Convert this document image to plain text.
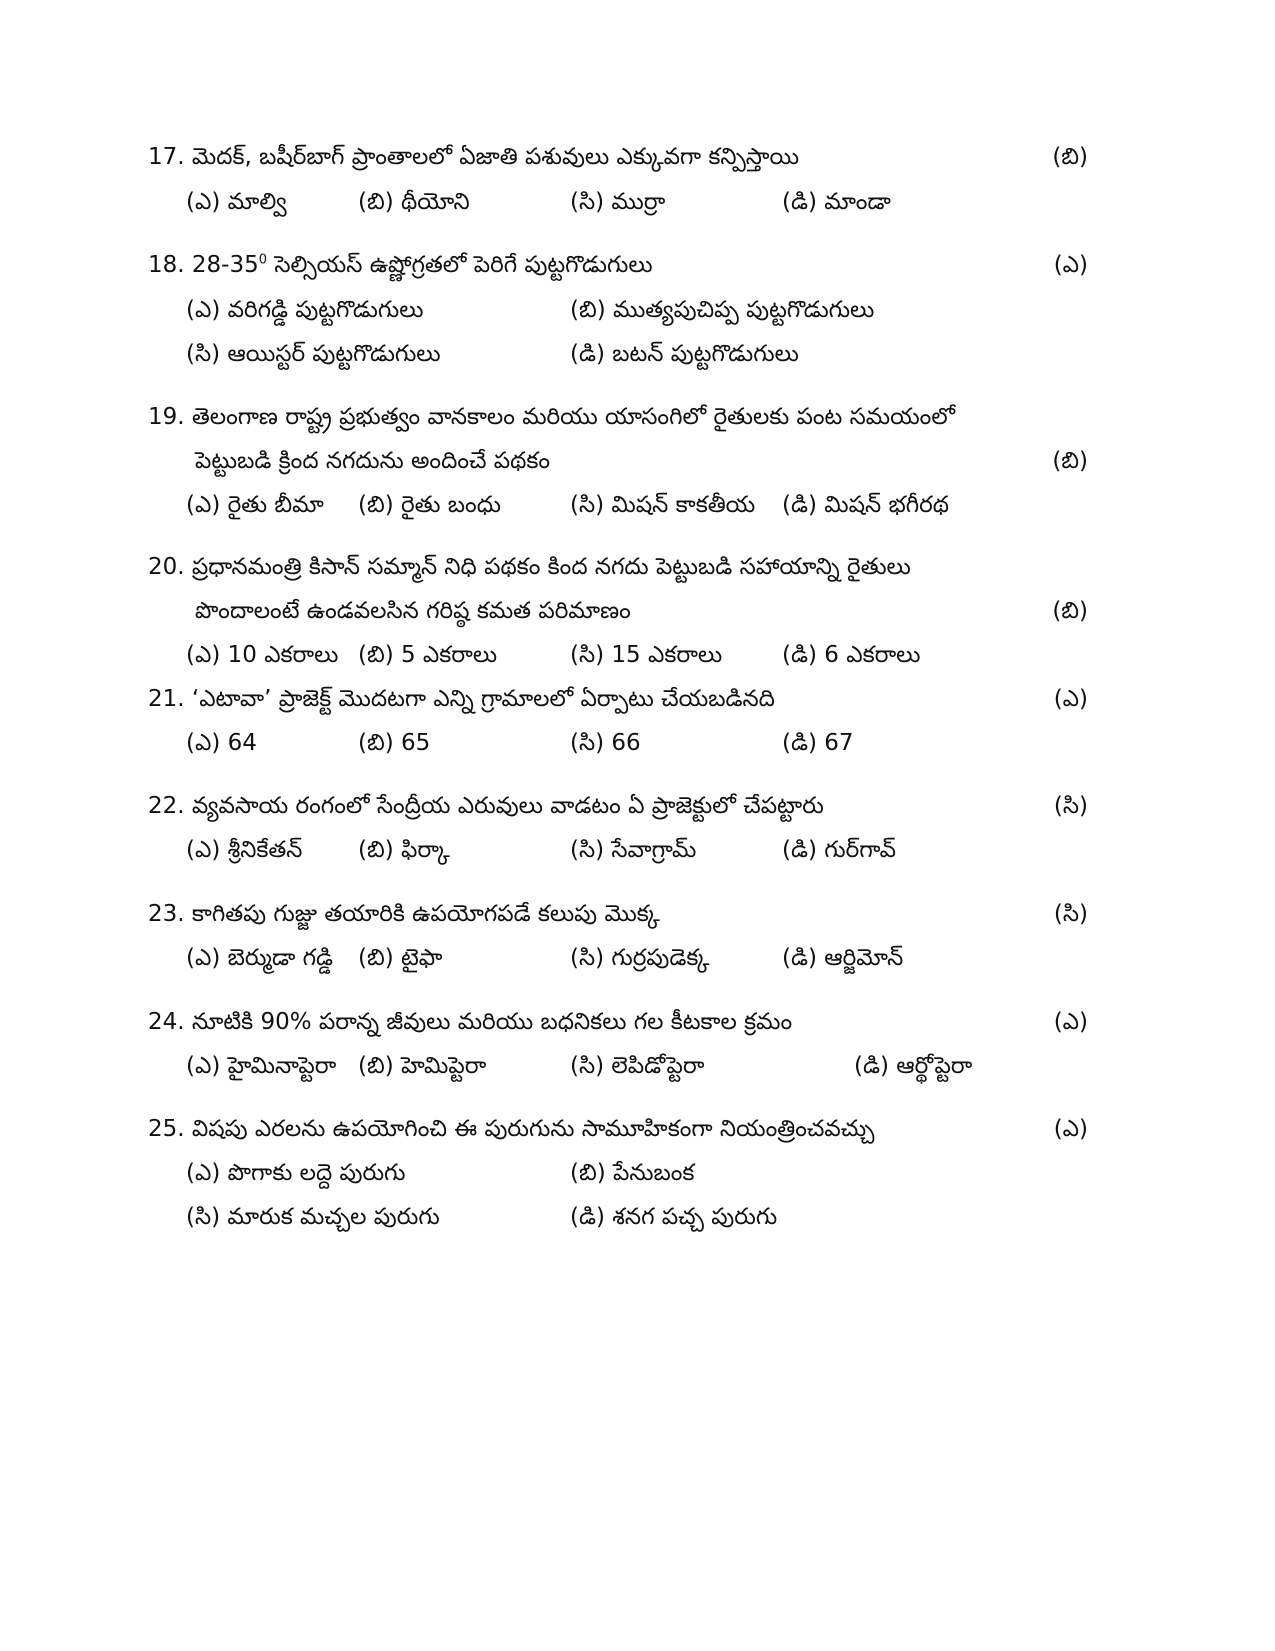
17. మెదక్, బషీర్‌బాగ్ ప్రాంతాలలో ఏజాతి పశువులు ఎక్కువగా కన్పిస్తాయి	(బి)
(ఎ) మాల్వి	(బి) థీయోని	(సి) ముర్రా	(డి) మాండా
18. $28-35^0$ సెల్సియస్ ఉష్ణోగ్రతలో పెరిగే పుట్టగొడుగులు	(ఎ)
(ఎ) వరిగడ్డి పుట్టగొడుగులు	(బి) ముత్యపుచిప్ప పుట్టగొడుగులు
(సి) ఆయిస్టర్ పుట్టగొడుగులు	(డి) బటన్ పుట్టగొడుగులు
19. తెలంగాణ రాష్ట్ర ప్రభుత్వం వానకాలం మరియు యాసంగిలో రైతులకు పంట సమయంలో
పెట్టుబడి క్రింద నగదును అందించే పథకం	(బి)
(ఎ) రైతు బీమా (బి) రైతు బంధు	(సి) మిషన్ కాకతీయ (డి) మిషన్ భగీరథ
20. ప్రధానమంత్రి కిసాన్ సమ్మాన్ నిధి పథకం కింద నగదు పెట్టుబడి సహాయాన్ని రైతులు
పొందాలంటే ఉండవలసిన గరిష్ఠ కమత పరిమాణం	(బి)
(ఎ) 10 ఎకరాలు (బి) 5 ఎకరాలు	(సి) 15 ఎకరాలు	(డి) 6 ఎకరాలు
21. ‘ఎటావా’ ప్రాజెక్ట్ మొదటగా ఎన్ని గ్రామాలలో ఏర్పాటు చేయబడినది	(ఎ)
(ఎ) 64	(బి) 65	(సి) 66	(డి) 67
22. వ్యవసాయ రంగంలో సేంద్రీయ ఎరువులు వాడటం ఏ ప్రాజెక్టులో చేపట్టారు	(సి)
(ఎ) శ్రీనికేతన్ (బి) ఫిర్కా	(సి) సేవాగ్రామ్	(డి) గుర్‌గావ్
23. కాగితపు గుజ్జు తయారికి ఉపయోగపడే కలుపు మొక్క	(సి)
(ఎ) బెర్ముడా గడ్డి (బి) టైఫా	(సి) గుర్రపుడెక్క	(డి) ఆర్జిమోన్
24. నూటికి 90% పరాన్న జీవులు మరియు బధనికలు గల కీటకాల క్రమం	(ఎ)
(ఎ) హైమినాప్టెరా (బి) హెమిప్టెరా	(సి) లెపిడోప్టెరా	(డి) ఆర్థోప్టెరా
25. విషపు ఎరలను ఉపయోగించి ఈ పురుగును సామూహికంగా నియంత్రించవచ్చు	(ఎ)
(ఎ) పొగాకు లద్దె పురుగు	(బి) పేనుబంక
(సి) మారుక మచ్చల పురుగు	(డి) శనగ పచ్చ పురుగు
